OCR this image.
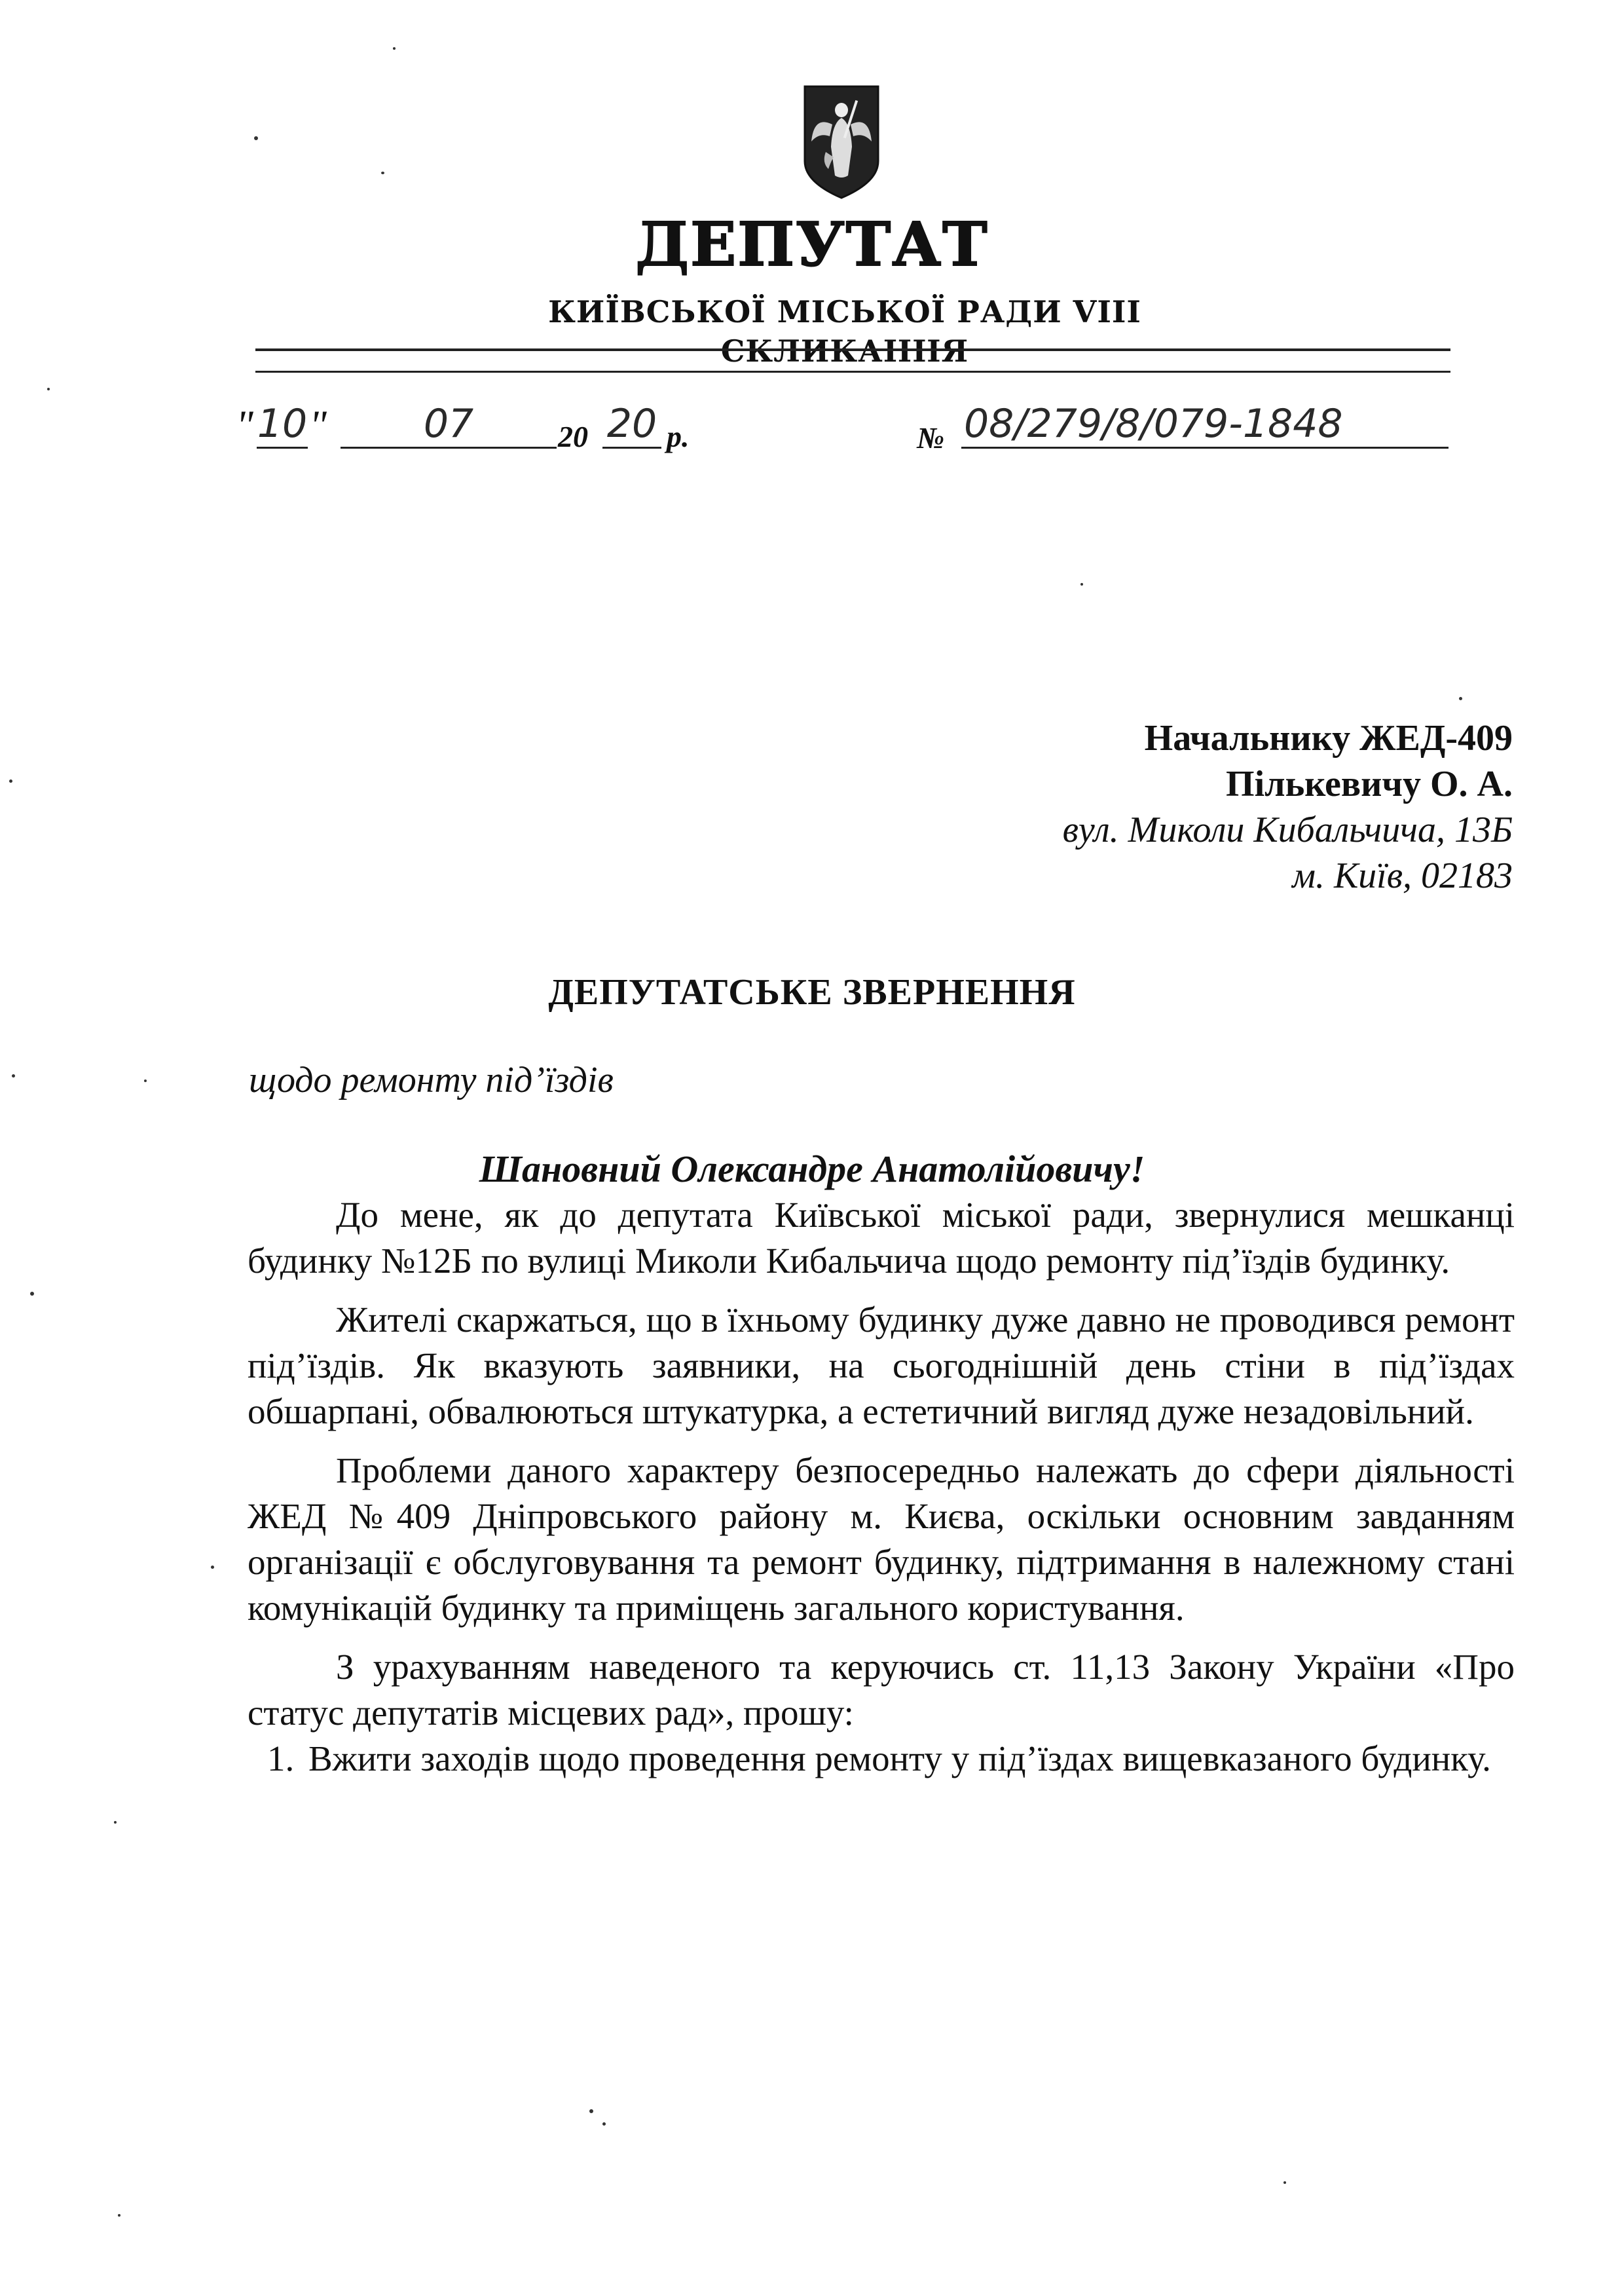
ДЕПУТАТ
КИЇВСЬКОЇ МІСЬКОЇ РАДИ VIII СКЛИКАННЯ
" 10 "	07	20 20 р.	№ 08/279/8/079-1848
Начальнику ЖЕД-409
Пількевичу О. А.
вул. Миколи Кибальчича, 13Б
м. Київ, 02183
ДЕПУТАТСЬКЕ ЗВЕРНЕННЯ
щодо ремонту під’їздів
Шановний Олександре Анатолійовичу!

До мене, як до депутата Київської міської ради, звернулися мешканці будинку №12Б по вулиці Миколи Кибальчича щодо ремонту під’їздів будинку.

Жителі скаржаться, що в їхньому будинку дуже давно не проводився ремонт під’їздів. Як вказують заявники, на сьогоднішній день стіни в під’їздах обшарпані, обвалюються штукатурка, а естетичний вигляд дуже незадовільний.

Проблеми даного характеру безпосередньо належать до сфери діяльності ЖЕД №409 Дніпровського району м. Києва, оскільки основним завданням організації є обслуговування та ремонт будинку, підтримання в належному стані комунікацій будинку та приміщень загального користування.

З урахуванням наведеного та керуючись ст. 11,13 Закону України «Про статус депутатів місцевих рад», прошу:

1. Вжити заходів щодо проведення ремонту у під’їздах вищевказаного будинку.
